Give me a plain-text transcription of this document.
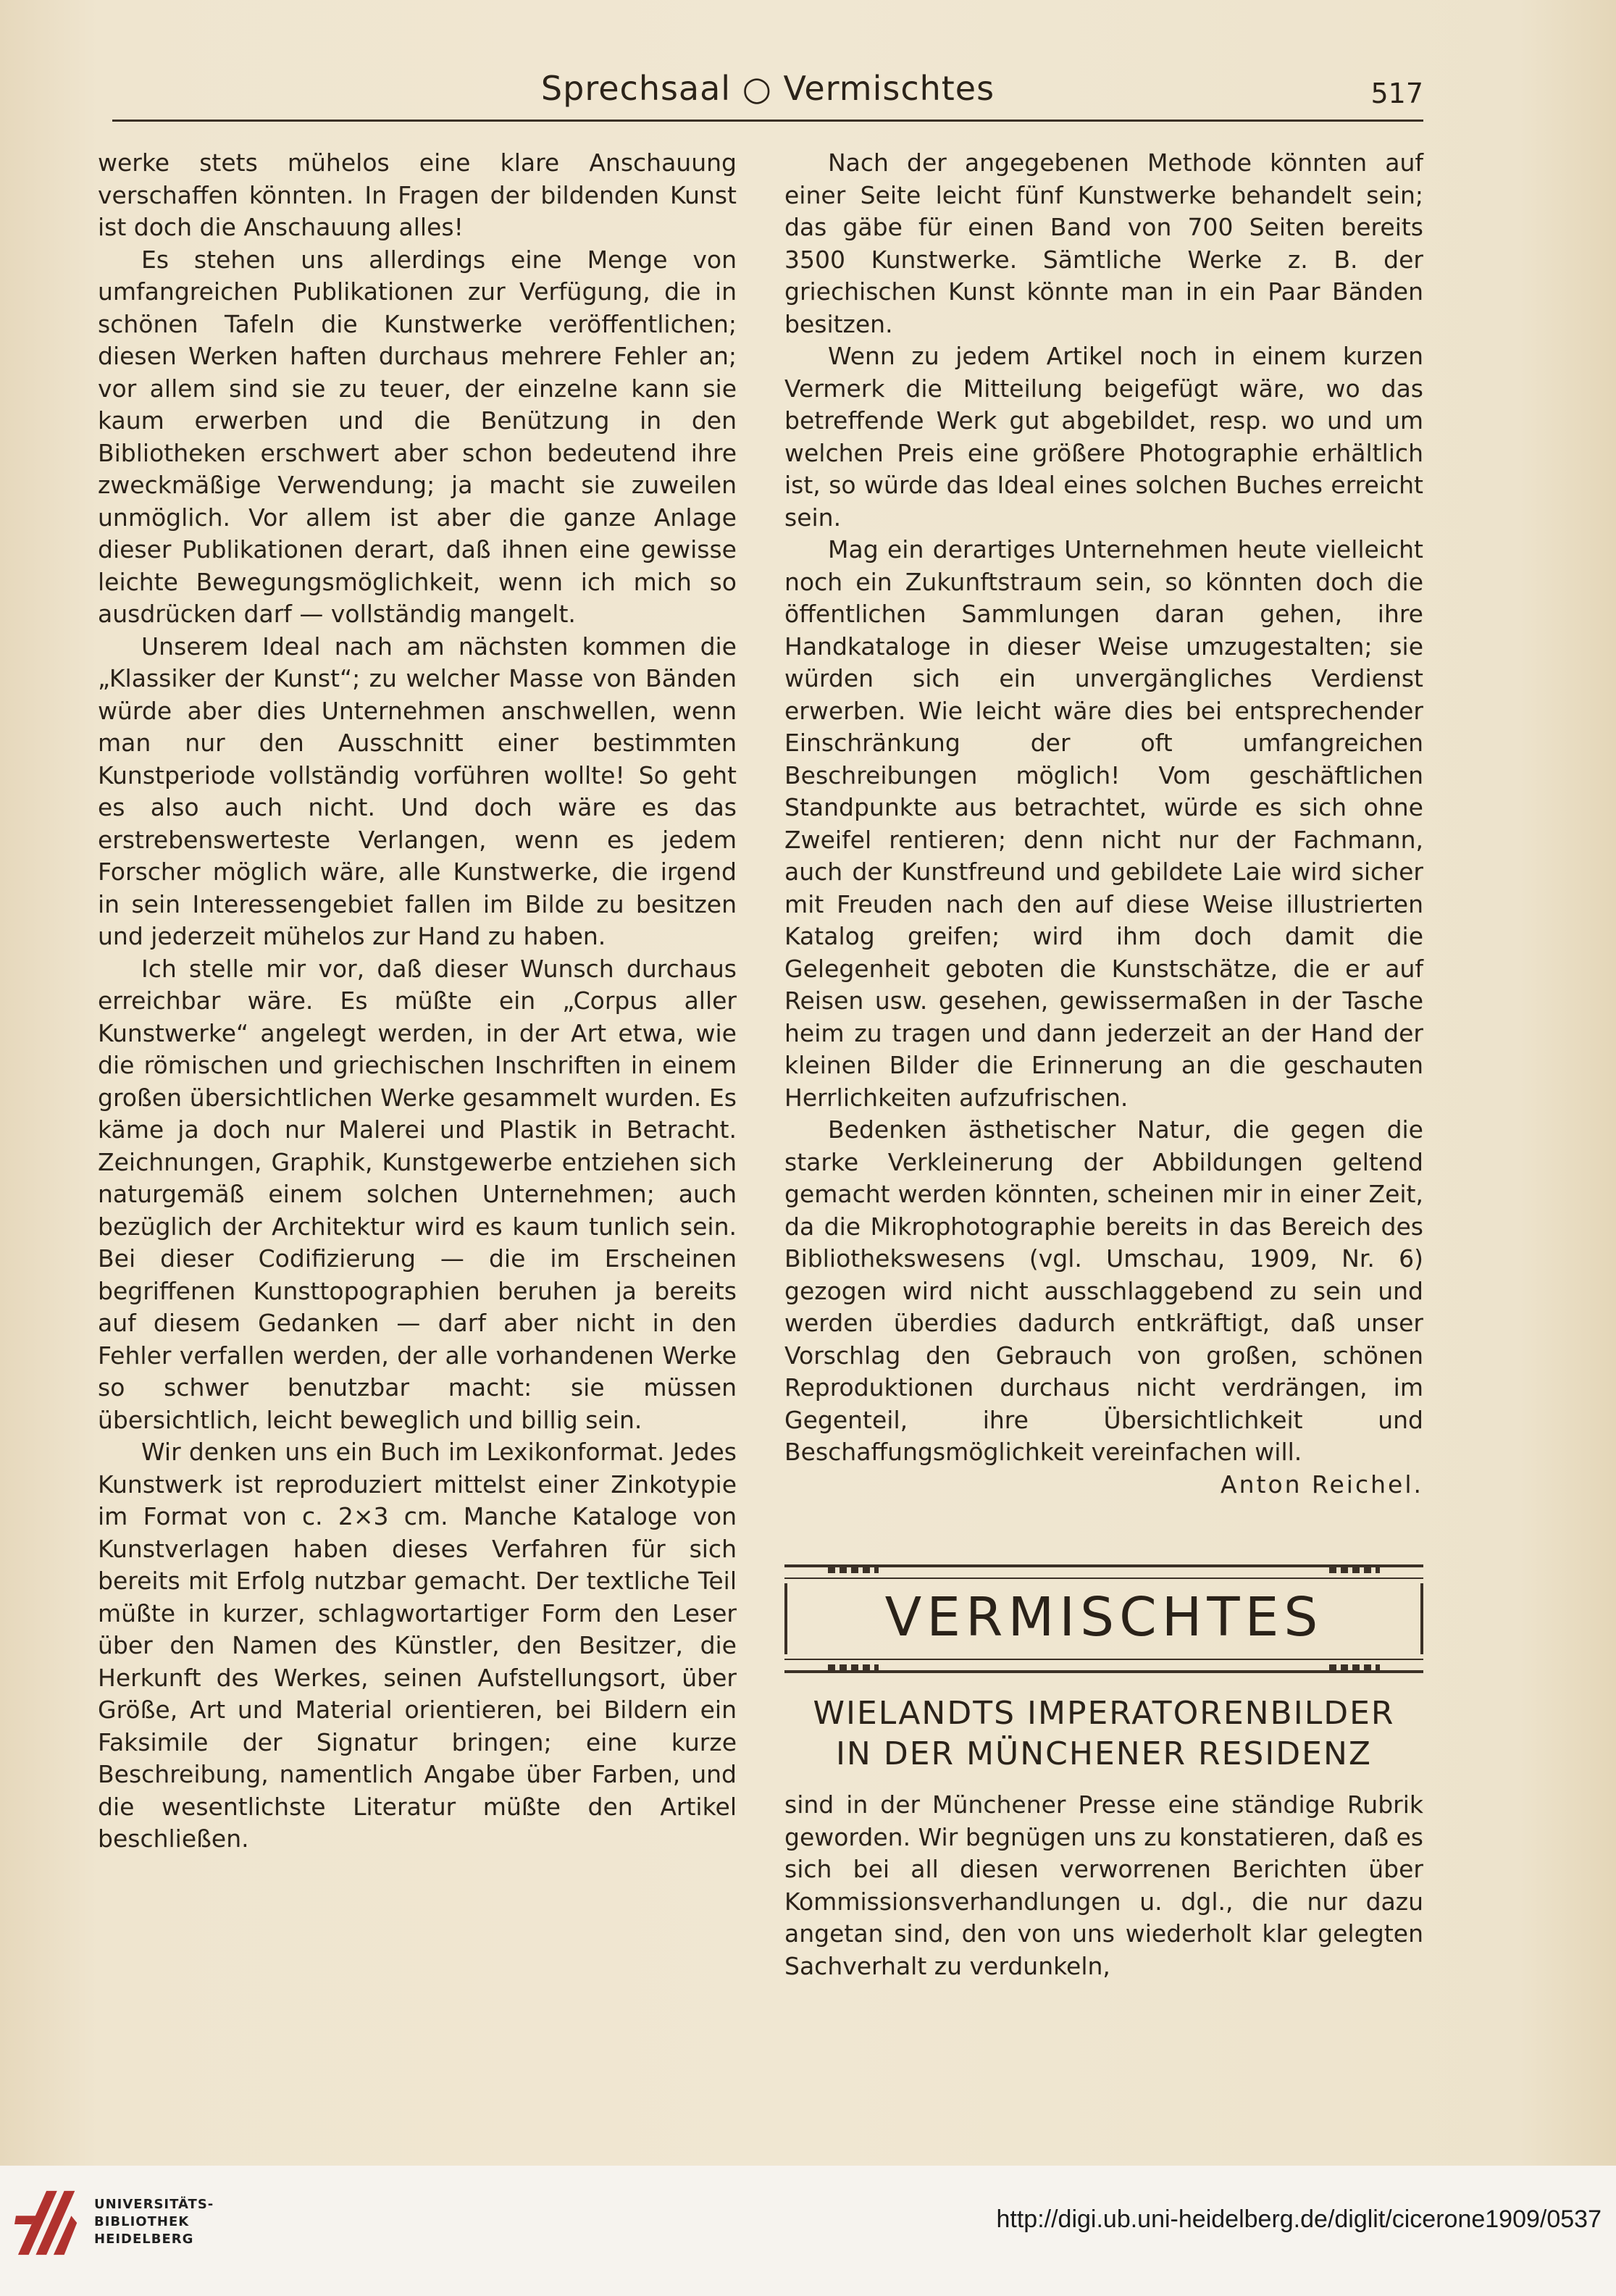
Sprechsaal ○ Vermischtes	517

werke stets mühelos eine klare Anschauung verschaffen könnten. In Fragen der bildenden Kunst ist doch die Anschauung alles!

Es stehen uns allerdings eine Menge von umfangreichen Publikationen zur Verfügung, die in schönen Tafeln die Kunstwerke veröffentlichen; diesen Werken haften durchaus mehrere Fehler an; vor allem sind sie zu teuer, der einzelne kann sie kaum erwerben und die Benützung in den Bibliotheken erschwert aber schon bedeutend ihre zweckmäßige Verwendung; ja macht sie zuweilen unmöglich. Vor allem ist aber die ganze Anlage dieser Publikationen derart, daß ihnen eine gewisse leichte Bewegungsmöglichkeit, wenn ich mich so ausdrücken darf — vollständig mangelt.

Unserem Ideal nach am nächsten kommen die „Klassiker der Kunst“; zu welcher Masse von Bänden würde aber dies Unternehmen anschwellen, wenn man nur den Ausschnitt einer bestimmten Kunstperiode vollständig vorführen wollte! So geht es also auch nicht. Und doch wäre es das erstrebenswerteste Verlangen, wenn es jedem Forscher möglich wäre, alle Kunstwerke, die irgend in sein Interessengebiet fallen im Bilde zu besitzen und jederzeit mühelos zur Hand zu haben.

Ich stelle mir vor, daß dieser Wunsch durchaus erreichbar wäre. Es müßte ein „Corpus aller Kunstwerke“ angelegt werden, in der Art etwa, wie die römischen und griechischen Inschriften in einem großen übersichtlichen Werke gesammelt wurden. Es käme ja doch nur Malerei und Plastik in Betracht. Zeichnungen, Graphik, Kunstgewerbe entziehen sich naturgemäß einem solchen Unternehmen; auch bezüglich der Architektur wird es kaum tunlich sein. Bei dieser Codifizierung — die im Erscheinen begriffenen Kunsttopographien beruhen ja bereits auf diesem Gedanken — darf aber nicht in den Fehler verfallen werden, der alle vorhandenen Werke so schwer benutzbar macht: sie müssen übersichtlich, leicht beweglich und billig sein.

Wir denken uns ein Buch im Lexikonformat. Jedes Kunstwerk ist reproduziert mittelst einer Zinkotypie im Format von c. 2×3 cm. Manche Kataloge von Kunstverlagen haben dieses Verfahren für sich bereits mit Erfolg nutzbar gemacht. Der textliche Teil müßte in kurzer, schlagwortartiger Form den Leser über den Namen des Künstler, den Besitzer, die Herkunft des Werkes, seinen Aufstellungsort, über Größe, Art und Material orientieren, bei Bildern ein Faksimile der Signatur bringen; eine kurze Beschreibung, namentlich Angabe über Farben, und die wesentlichste Literatur müßte den Artikel beschließen.

Nach der angegebenen Methode könnten auf einer Seite leicht fünf Kunstwerke behandelt sein; das gäbe für einen Band von 700 Seiten bereits 3500 Kunstwerke. Sämtliche Werke z. B. der griechischen Kunst könnte man in ein Paar Bänden besitzen.

Wenn zu jedem Artikel noch in einem kurzen Vermerk die Mitteilung beigefügt wäre, wo das betreffende Werk gut abgebildet, resp. wo und um welchen Preis eine größere Photographie erhältlich ist, so würde das Ideal eines solchen Buches erreicht sein.

Mag ein derartiges Unternehmen heute vielleicht noch ein Zukunftstraum sein, so könnten doch die öffentlichen Sammlungen daran gehen, ihre Handkataloge in dieser Weise umzugestalten; sie würden sich ein unvergängliches Verdienst erwerben. Wie leicht wäre dies bei entsprechender Einschränkung der oft umfangreichen Beschreibungen möglich! Vom geschäftlichen Standpunkte aus betrachtet, würde es sich ohne Zweifel rentieren; denn nicht nur der Fachmann, auch der Kunstfreund und gebildete Laie wird sicher mit Freuden nach den auf diese Weise illustrierten Katalog greifen; wird ihm doch damit die Gelegenheit geboten die Kunstschätze, die er auf Reisen usw. gesehen, gewissermaßen in der Tasche heim zu tragen und dann jederzeit an der Hand der kleinen Bilder die Erinnerung an die geschauten Herrlichkeiten aufzufrischen.

Bedenken ästhetischer Natur, die gegen die starke Verkleinerung der Abbildungen geltend gemacht werden könnten, scheinen mir in einer Zeit, da die Mikrophotographie bereits in das Bereich des Bibliothekswesens (vgl. Umschau, 1909, Nr. 6) gezogen wird nicht ausschlaggebend zu sein und werden überdies dadurch entkräftigt, daß unser Vorschlag den Gebrauch von großen, schönen Reproduktionen durchaus nicht verdrängen, im Gegenteil, ihre Übersichtlichkeit und Beschaffungsmöglichkeit vereinfachen will.

Anton Reichel.

VERMISCHTES
WIELANDTS IMPERATORENBILDER
IN DER MÜNCHENER RESIDENZ

sind in der Münchener Presse eine ständige Rubrik geworden. Wir begnügen uns zu konstatieren, daß es sich bei all diesen verworrenen Berichten über Kommissionsverhandlungen u. dgl., die nur dazu angetan sind, den von uns wiederholt klar gelegten Sachverhalt zu verdunkeln,

UNIVERSITÄTS-
BIBLIOTHEK
HEIDELBERG
http://digi.ub.uni-heidelberg.de/diglit/cicerone1909/0537
